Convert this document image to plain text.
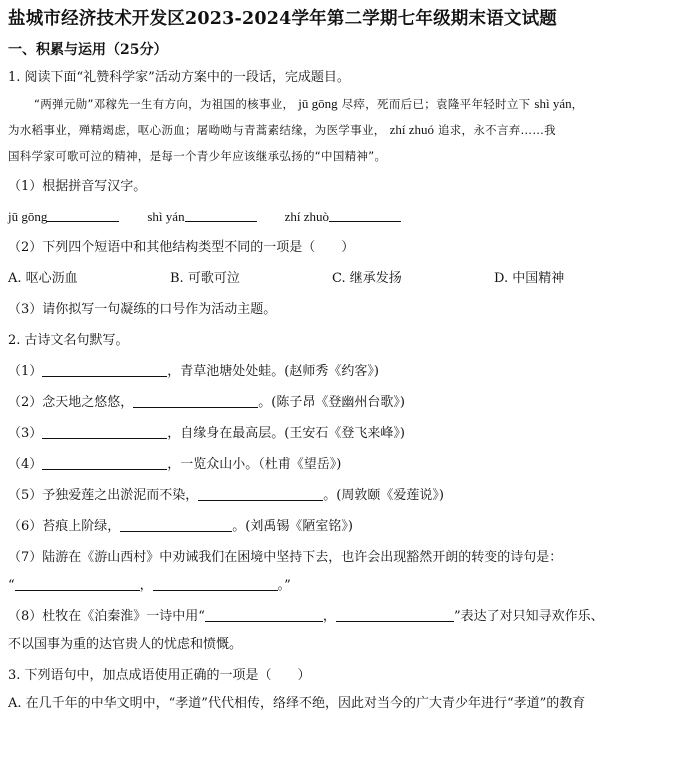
盐城市经济技术开发区2023-2024学年第二学期七年级期末语文试题
一、积累与运用（25分）
1. 阅读下面“礼赞科学家”活动方案中的一段话，完成题目。
“两弹元勋”邓稼先一生有方向，为祖国的核事业， jū gōng 尽瘁，死而后已；袁隆平年轻时立下 shì yán，
为水稻事业，殚精竭虑，呕心沥血；屠呦呦与青蒿素结缘，为医学事业， zhí zhuó 追求，永不言弃……我
国科学家可歌可泣的精神，是每一个青少年应该继承弘扬的“中国精神”。
（1）根据拼音写汉字。
jū gōng	shì yán	zhí zhuò
（2）下列四个短语中和其他结构类型不同的一项是（　　）
A. 呕心沥血	B. 可歌可泣	C. 继承发扬	D. 中国精神
（3）请你拟写一句凝练的口号作为活动主题。
2. 古诗文名句默写。
（1）	，青草池塘处处蛙。(赵师秀《约客》)
（2）念天地之悠悠，	。(陈子昂《登幽州台歌》)
（3）	，自缘身在最高层。(王安石《登飞来峰》)
（4）	，一览众山小。（杜甫《望岳》)
（5）予独爱莲之出淤泥而不染，	。(周敦颐《爱莲说》)
（6）苔痕上阶绿，	。(刘禹锡《陋室铭》)
（7）陆游在《游山西村》中劝诫我们在困境中坚持下去，也许会出现豁然开朗的转变的诗句是：
“	，	。”
（8）杜牧在《泊秦淮》一诗中用“	，	”表达了对只知寻欢作乐、
不以国事为重的达官贵人的忧虑和愤慨。
3. 下列语句中，加点成语使用正确的一项是（　　）
A. 在几千年的中华文明中，“孝道”代代相传，络绎不绝，因此对当今的广大青少年进行“孝道”的教育
